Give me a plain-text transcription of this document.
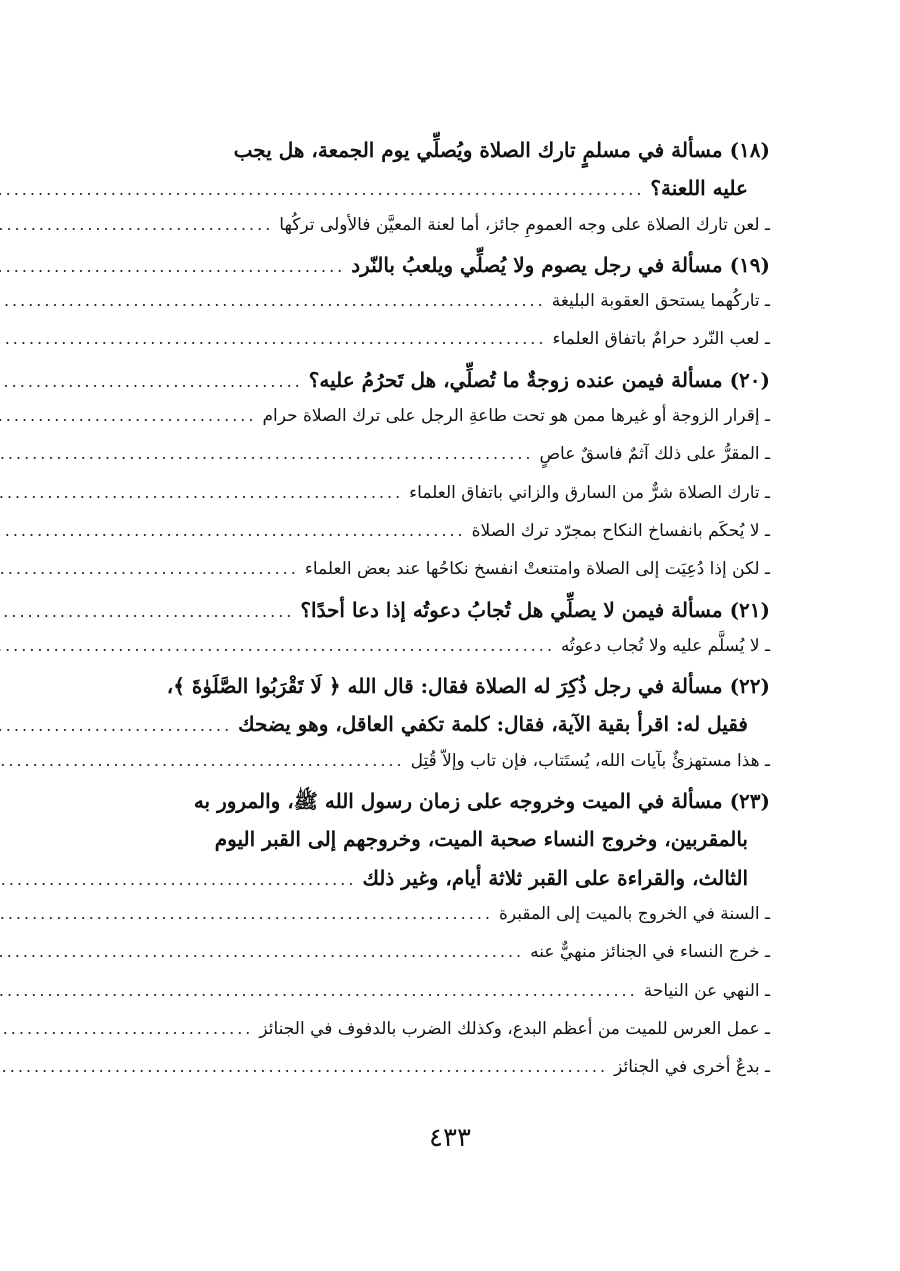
(١٨) مسألة في مسلمٍ تارك الصلاة ويُصلِّي يوم الجمعة، هل يجب
عليه اللعنة؟
.....
ـ لعن تارك الصلاة على وجه العمومِ جائز، أما لعنة المعيَّن فالأولى تركُها
.....
(١٩) مسألة في رجل يصوم ولا يُصلِّي ويلعبُ بالنّرد
.....
ـ تاركُهما يستحق العقوبة البليغة
.....
ـ لعب النّرد حرامٌ باتفاق العلماء
.....
(٢٠) مسألة فيمن عنده زوجةٌ ما تُصلِّي، هل تَحرُمُ عليه؟
.....
ـ إقرار الزوجة أو غيرها ممن هو تحت طاعةِ الرجل على ترك الصلاة حرام
.....
ـ المقرُّ على ذلك آثمٌ فاسقٌ عاصٍ
.....
ـ تارك الصلاة شرٌّ من السارق والزاني باتفاق العلماء
.....
ـ لا يُحكَم بانفساخ النكاح بمجرّد ترك الصلاة
.....
ـ لكن إذا دُعِيَت إلى الصلاة وامتنعتْ انفسخ نكاحُها عند بعض العلماء
.....
(٢١) مسألة فيمن لا يصلِّي هل تُجابُ دعوتُه إذا دعا أحدًا؟
.....
ـ لا يُسلَّم عليه ولا تُجاب دعوتُه
.....
(٢٢) مسألة في رجل ذُكِرَ له الصلاة فقال: قال الله ﴿ لَا تَقْرَبُوا الصَّلَوٰةَ ﴾،
فقيل له: اقرأ بقية الآية، فقال: كلمة تكفي العاقل، وهو يضحك
.....
ـ هذا مستهزئٌ بآيات الله، يُستَتاب، فإن تاب وإلاّ قُتِل
.....
(٢٣) مسألة في الميت وخروجه على زمان رسول الله ﷺ، والمرور به
بالمقربين، وخروج النساء صحبة الميت، وخروجهم إلى القبر اليوم
الثالث، والقراءة على القبر ثلاثة أيام، وغير ذلك
.....
ـ السنة في الخروج بالميت إلى المقبرة
.....
ـ خرج النساء في الجنائز منهيٌّ عنه
.....
ـ النهي عن النياحة
.....
ـ عمل العرس للميت من أعظم البدع، وكذلك الضرب بالدفوف في الجنائز
.....
ـ بدعٌ أخرى في الجنائز
.....
٤٣٣
